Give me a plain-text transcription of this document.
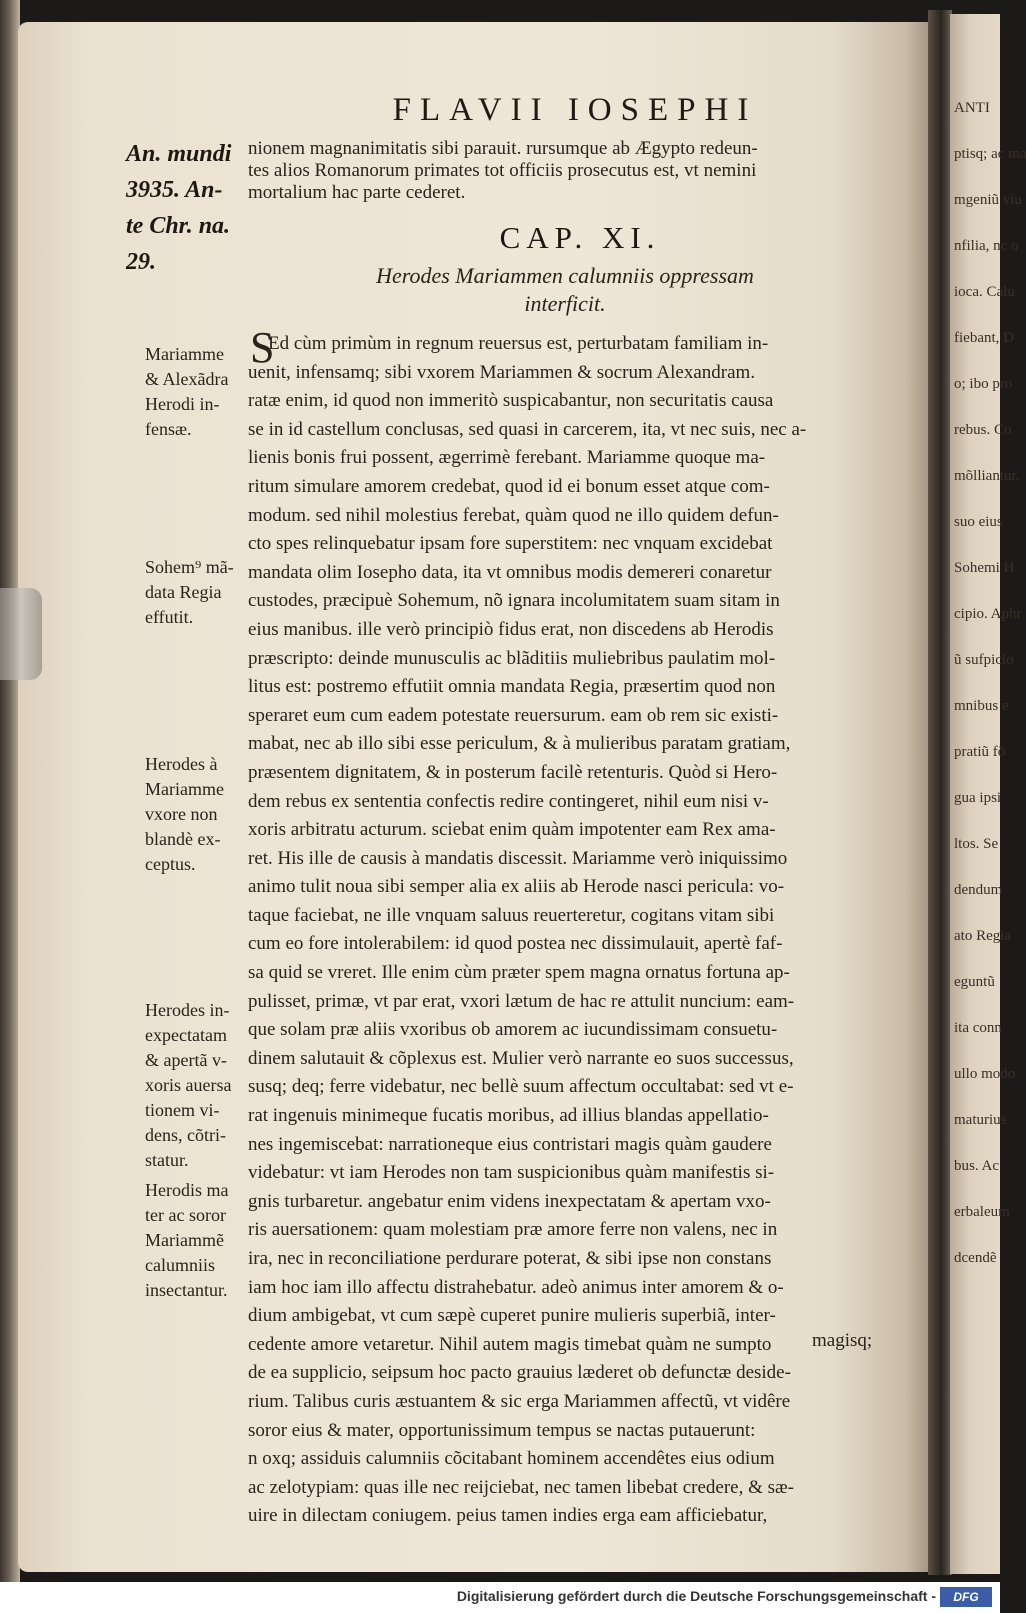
ANTI
ptisq; ac ma
mgeniũ viu
nfilia, nc o
ioca. Calu
fiebant, D
o; ibo pro
rebus. Co
mõlliantur.
suo eius
Sohemi H
cipio. Aphr
ũ sufpicio
mnibus e
pratiũ fõ
gua ipsi
ltos. Se
dendum
ato Regia
eguntũ
ita conn
ullo modo
maturius
bus. Ac
erbaleum
dcendẽ
FLAVII IOSEPHI
An. mundi
3935. An-
te Chr. na.
29.
nionem magnanimitatis sibi parauit. rursumque ab Ægypto redeun-
tes alios Romanorum primates tot officiis prosecutus est, vt nemini
mortalium hac parte cederet.
CAP. XI.
Herodes Mariammen calumniis oppressam
interficit.
S
Ed cùm primùm in regnum reuersus est, perturbatam familiam in-
uenit, infensamq; sibi vxorem Mariammen & socrum Alexandram.
ratæ enim, id quod non immeritò suspicabantur, non securitatis causa
se in id castellum conclusas, sed quasi in carcerem, ita, vt nec suis, nec a-
lienis bonis frui possent, ægerrimè ferebant. Mariamme quoque ma-
ritum simulare amorem credebat, quod id ei bonum esset atque com-
modum. sed nihil molestius ferebat, quàm quod ne illo quidem defun-
cto spes relinquebatur ipsam fore superstitem: nec vnquam excidebat
mandata olim Iosepho data, ita vt omnibus modis demereri conaretur
custodes, præcipuè Sohemum, nõ ignara incolumitatem suam sitam in
eius manibus. ille verò principiò fidus erat, non discedens ab Herodis
præscripto: deinde munusculis ac blãditiis muliebribus paulatim mol-
litus est: postremo effutiit omnia mandata Regia, præsertim quod non
speraret eum cum eadem potestate reuersurum. eam ob rem sic existi-
mabat, nec ab illo sibi esse periculum, & à mulieribus paratam gratiam,
præsentem dignitatem, & in posterum facilè retenturis. Quòd si Hero-
dem rebus ex sententia confectis redire contingeret, nihil eum nisi v-
xoris arbitratu acturum. sciebat enim quàm impotenter eam Rex ama-
ret. His ille de causis à mandatis discessit. Mariamme verò iniquissimo
animo tulit noua sibi semper alia ex aliis ab Herode nasci pericula: vo-
taque faciebat, ne ille vnquam saluus reuerteretur, cogitans vitam sibi
cum eo fore intolerabilem: id quod postea nec dissimulauit, apertè faf-
sa quid se vreret. Ille enim cùm præter spem magna ornatus fortuna ap-
pulisset, primæ, vt par erat, vxori lætum de hac re attulit nuncium: eam-
que solam præ aliis vxoribus ob amorem ac iucundissimam consuetu-
dinem salutauit & cõplexus est. Mulier verò narrante eo suos successus,
susq; deq; ferre videbatur, nec bellè suum affectum occultabat: sed vt e-
rat ingenuis minimeque fucatis moribus, ad illius blandas appellatio-
nes ingemiscebat: narrationeque eius contristari magis quàm gaudere
videbatur: vt iam Herodes non tam suspicionibus quàm manifestis si-
gnis turbaretur. angebatur enim videns inexpectatam & apertam vxo-
ris auersationem: quam molestiam præ amore ferre non valens, nec in
ira, nec in reconciliatione perdurare poterat, & sibi ipse non constans
iam hoc iam illo affectu distrahebatur. adeò animus inter amorem & o-
dium ambigebat, vt cum sæpè cuperet punire mulieris superbiã, inter-
cedente amore vetaretur. Nihil autem magis timebat quàm ne sumpto
de ea supplicio, seipsum hoc pacto grauius læderet ob defunctæ deside-
rium. Talibus curis æstuantem & sic erga Mariammen affectũ, vt vidêre
soror eius & mater, opportunissimum tempus se nactas putauerunt:
n oxq; assiduis calumniis cõcitabant hominem accendêtes eius odium
ac zelotypiam: quas ille nec reijciebat, nec tamen libebat credere, & sæ-
uire in dilectam coniugem. peius tamen indies erga eam afficiebatur,
Mariamme
& Alexãdra
Herodi in-
fensæ.
Sohem⁹ mã-
data Regia
effutit.
Herodes à
Mariamme
vxore non
blandè ex-
ceptus.
Herodes in-
expectatam
& apertã v-
xoris auersa
tionem vi-
dens, cõtri-
statur.
Herodis ma
ter ac soror
Mariammẽ
calumniis
insectantur.
magisq;
Digitalisierung gefördert durch die Deutsche Forschungsgemeinschaft -	DFG
